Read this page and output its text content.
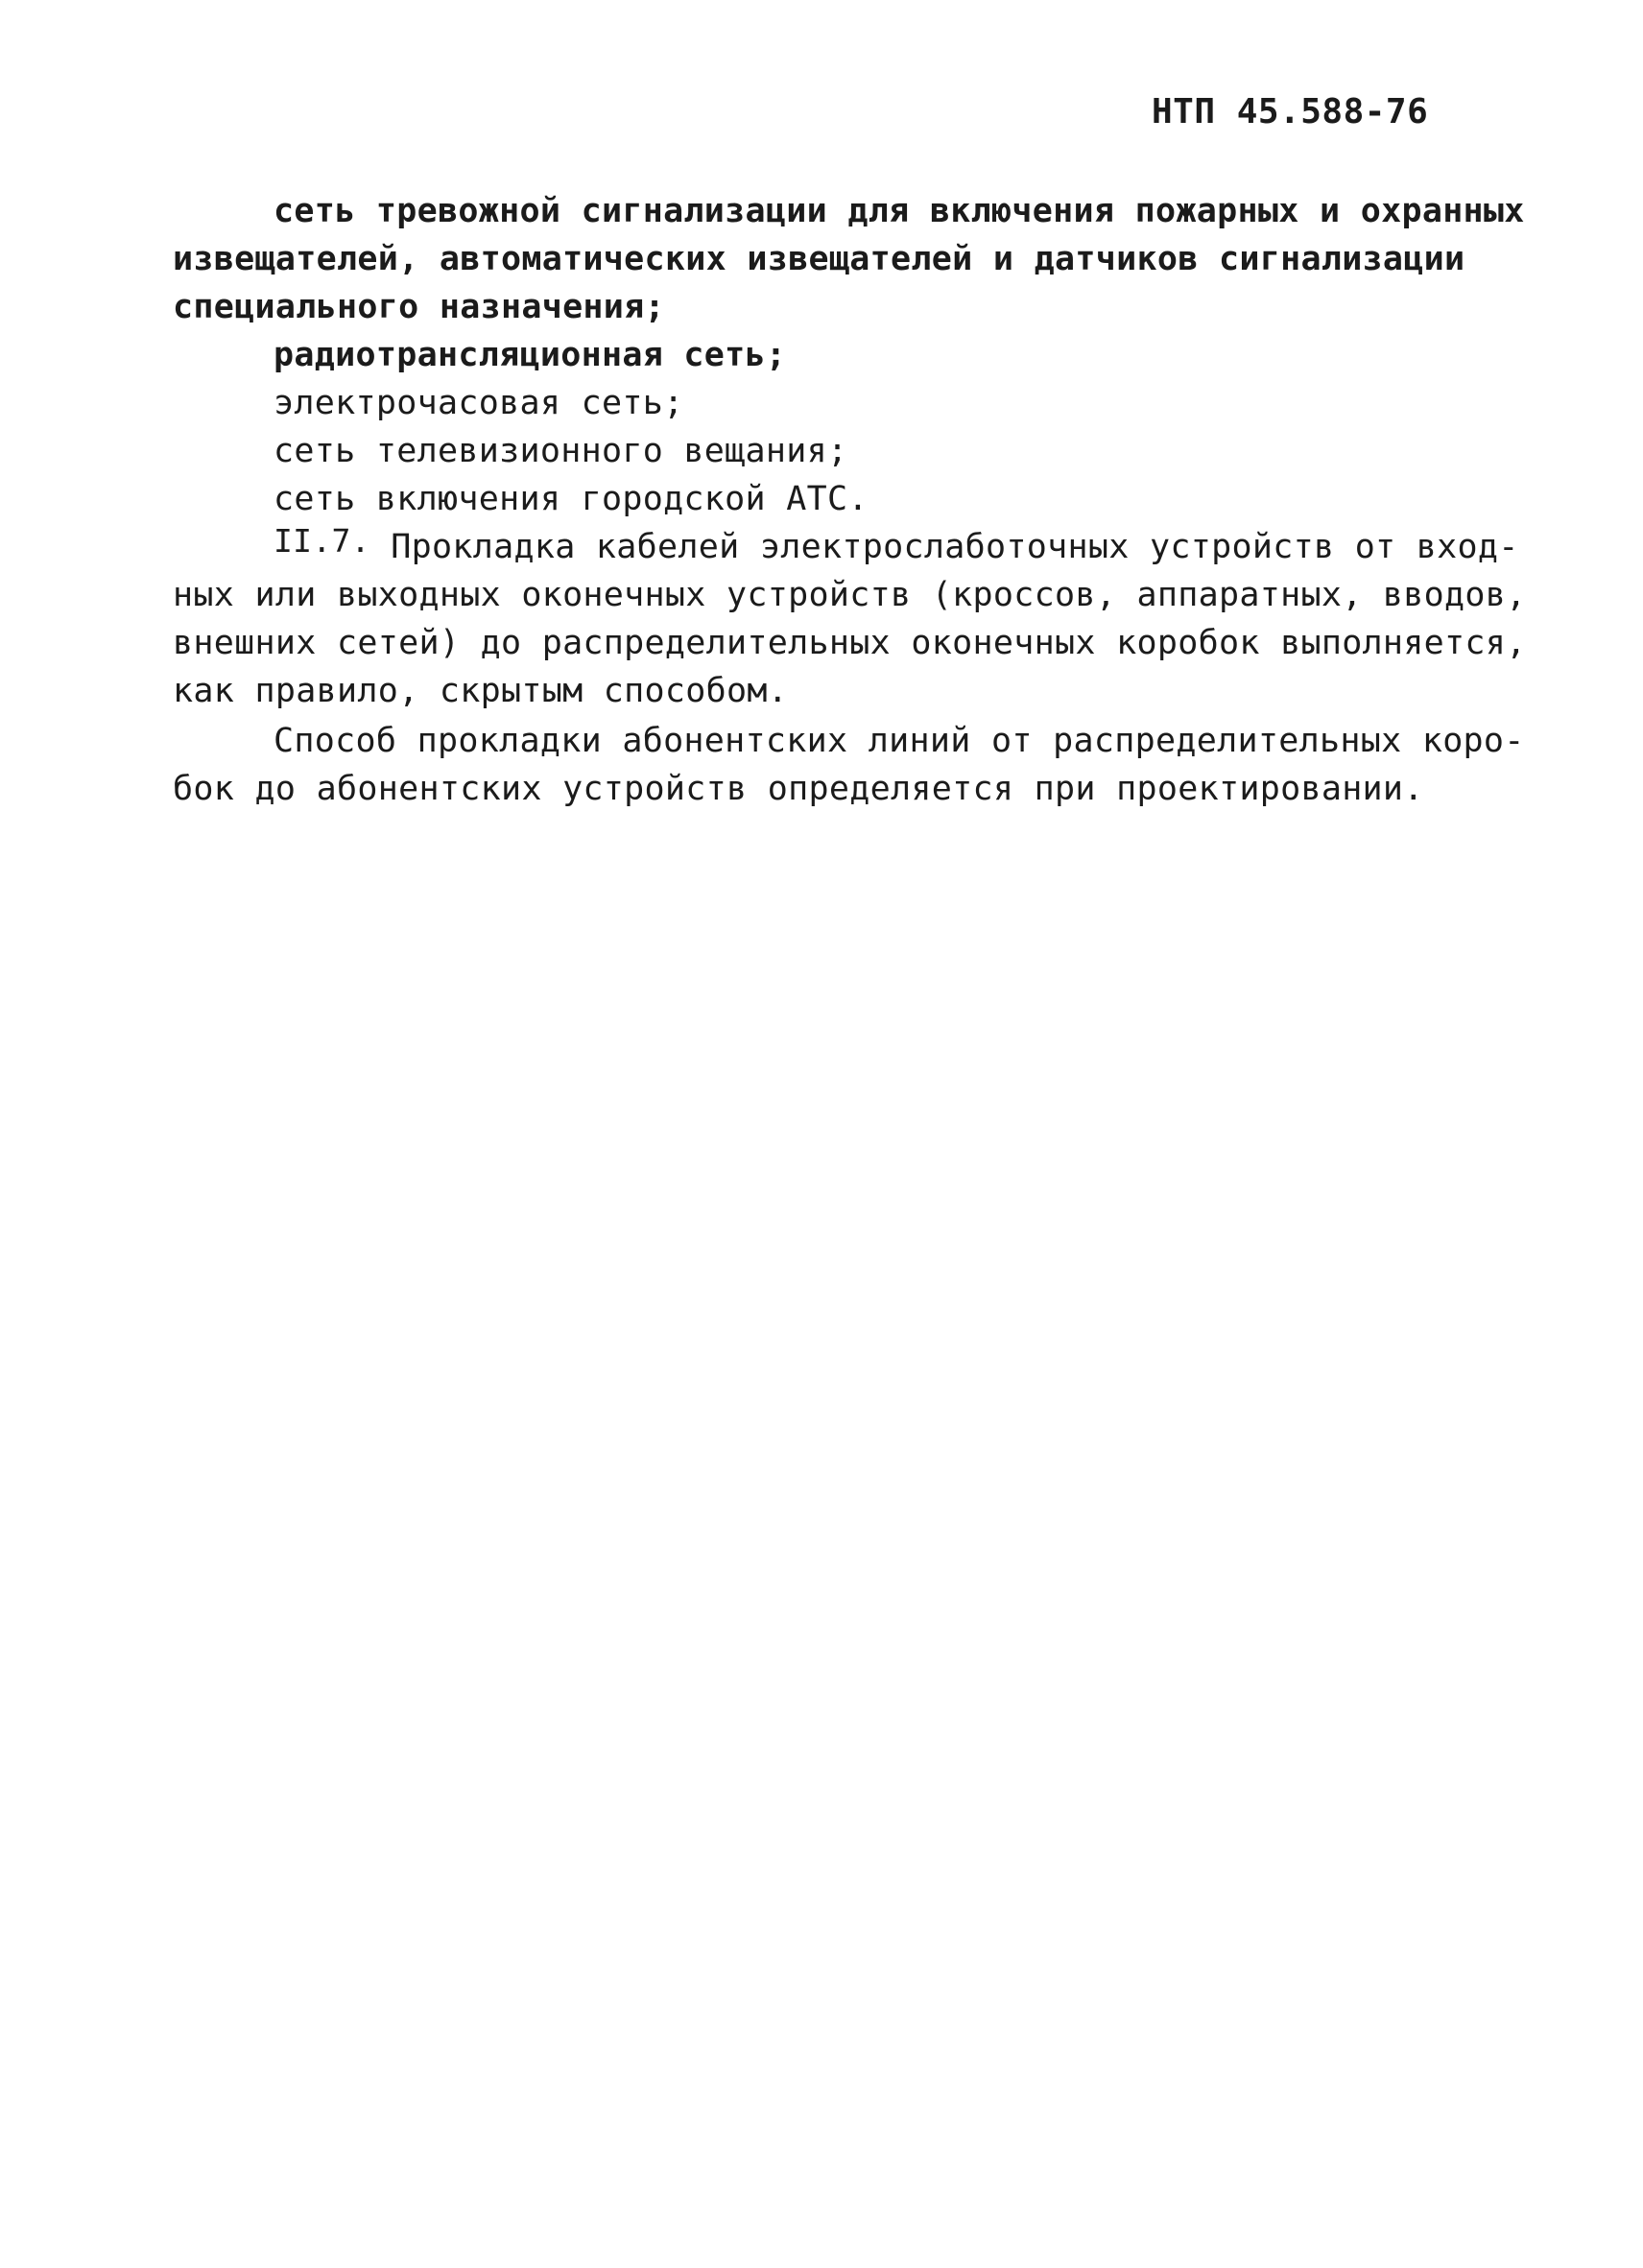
НТП 45.588-76

сеть тревожной сигнализации для включения пожарных и охранных

извещателей, автоматических извещателей и датчиков сигнализации

специального назначения;

радиотрансляционная сеть;

электрочасовая сеть;

сеть телевизионного вещания;

сеть включения городской АТС.

II.7. Прокладка кабелей электрослаботочных устройств от вход-

ных или выходных оконечных устройств (кроссов, аппаратных, вводов,

внешних сетей) до распределительных оконечных коробок выполняется,

как правило, скрытым способом.

Способ прокладки абонентских линий от распределительных коро-

бок до абонентских устройств определяется при проектировании.
